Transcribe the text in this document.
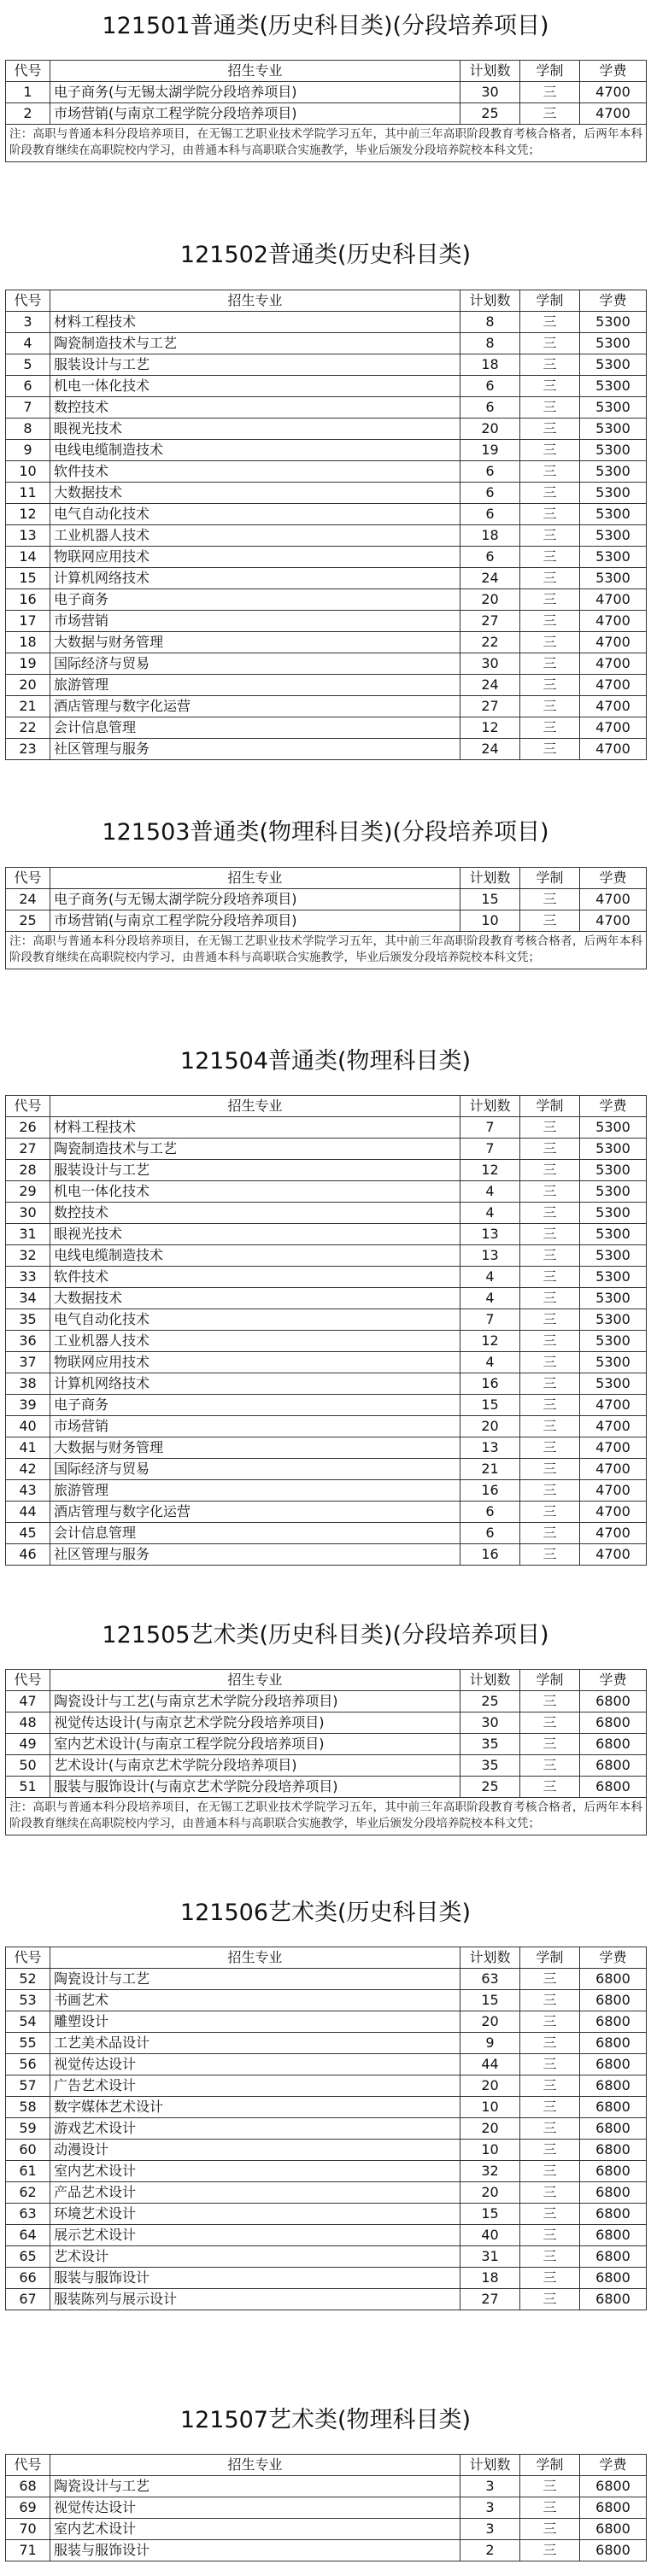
121501普通类(历史科目类)(分段培养项目)
代号	招生专业	计划数	学制	学费
1	电子商务(与无锡太湖学院分段培养项目)	30	三	4700
2	市场营销(与南京工程学院分段培养项目)	25	三	4700
注：高职与普通本科分段培养项目，在无锡工艺职业技术学院学习五年，其中前三年高职阶段教育考核合格者，后两年本科阶段教育继续在高职院校内学习，由普通本科与高职联合实施教学，毕业后颁发分段培养院校本科文凭；				
121502普通类(历史科目类)
代号	招生专业	计划数	学制	学费
3	材料工程技术	8	三	5300
4	陶瓷制造技术与工艺	8	三	5300
5	服装设计与工艺	18	三	5300
6	机电一体化技术	6	三	5300
7	数控技术	6	三	5300
8	眼视光技术	20	三	5300
9	电线电缆制造技术	19	三	5300
10	软件技术	6	三	5300
11	大数据技术	6	三	5300
12	电气自动化技术	6	三	5300
13	工业机器人技术	18	三	5300
14	物联网应用技术	6	三	5300
15	计算机网络技术	24	三	5300
16	电子商务	20	三	4700
17	市场营销	27	三	4700
18	大数据与财务管理	22	三	4700
19	国际经济与贸易	30	三	4700
20	旅游管理	24	三	4700
21	酒店管理与数字化运营	27	三	4700
22	会计信息管理	12	三	4700
23	社区管理与服务	24	三	4700
121503普通类(物理科目类)(分段培养项目)
代号	招生专业	计划数	学制	学费
24	电子商务(与无锡太湖学院分段培养项目)	15	三	4700
25	市场营销(与南京工程学院分段培养项目)	10	三	4700
注：高职与普通本科分段培养项目，在无锡工艺职业技术学院学习五年，其中前三年高职阶段教育考核合格者，后两年本科阶段教育继续在高职院校内学习，由普通本科与高职联合实施教学，毕业后颁发分段培养院校本科文凭；				
121504普通类(物理科目类)
代号	招生专业	计划数	学制	学费
26	材料工程技术	7	三	5300
27	陶瓷制造技术与工艺	7	三	5300
28	服装设计与工艺	12	三	5300
29	机电一体化技术	4	三	5300
30	数控技术	4	三	5300
31	眼视光技术	13	三	5300
32	电线电缆制造技术	13	三	5300
33	软件技术	4	三	5300
34	大数据技术	4	三	5300
35	电气自动化技术	7	三	5300
36	工业机器人技术	12	三	5300
37	物联网应用技术	4	三	5300
38	计算机网络技术	16	三	5300
39	电子商务	15	三	4700
40	市场营销	20	三	4700
41	大数据与财务管理	13	三	4700
42	国际经济与贸易	21	三	4700
43	旅游管理	16	三	4700
44	酒店管理与数字化运营	6	三	4700
45	会计信息管理	6	三	4700
46	社区管理与服务	16	三	4700
121505艺术类(历史科目类)(分段培养项目)
代号	招生专业	计划数	学制	学费
47	陶瓷设计与工艺(与南京艺术学院分段培养项目)	25	三	6800
48	视觉传达设计(与南京艺术学院分段培养项目)	30	三	6800
49	室内艺术设计(与南京工程学院分段培养项目)	35	三	6800
50	艺术设计(与南京艺术学院分段培养项目)	35	三	6800
51	服装与服饰设计(与南京艺术学院分段培养项目)	25	三	6800
注：高职与普通本科分段培养项目，在无锡工艺职业技术学院学习五年，其中前三年高职阶段教育考核合格者，后两年本科阶段教育继续在高职院校内学习，由普通本科与高职联合实施教学，毕业后颁发分段培养院校本科文凭；				
121506艺术类(历史科目类)
代号	招生专业	计划数	学制	学费
52	陶瓷设计与工艺	63	三	6800
53	书画艺术	15	三	6800
54	雕塑设计	20	三	6800
55	工艺美术品设计	9	三	6800
56	视觉传达设计	44	三	6800
57	广告艺术设计	20	三	6800
58	数字媒体艺术设计	10	三	6800
59	游戏艺术设计	20	三	6800
60	动漫设计	10	三	6800
61	室内艺术设计	32	三	6800
62	产品艺术设计	20	三	6800
63	环境艺术设计	15	三	6800
64	展示艺术设计	40	三	6800
65	艺术设计	31	三	6800
66	服装与服饰设计	18	三	6800
67	服装陈列与展示设计	27	三	6800
121507艺术类(物理科目类)
代号	招生专业	计划数	学制	学费
68	陶瓷设计与工艺	3	三	6800
69	视觉传达设计	3	三	6800
70	室内艺术设计	3	三	6800
71	服装与服饰设计	2	三	6800
